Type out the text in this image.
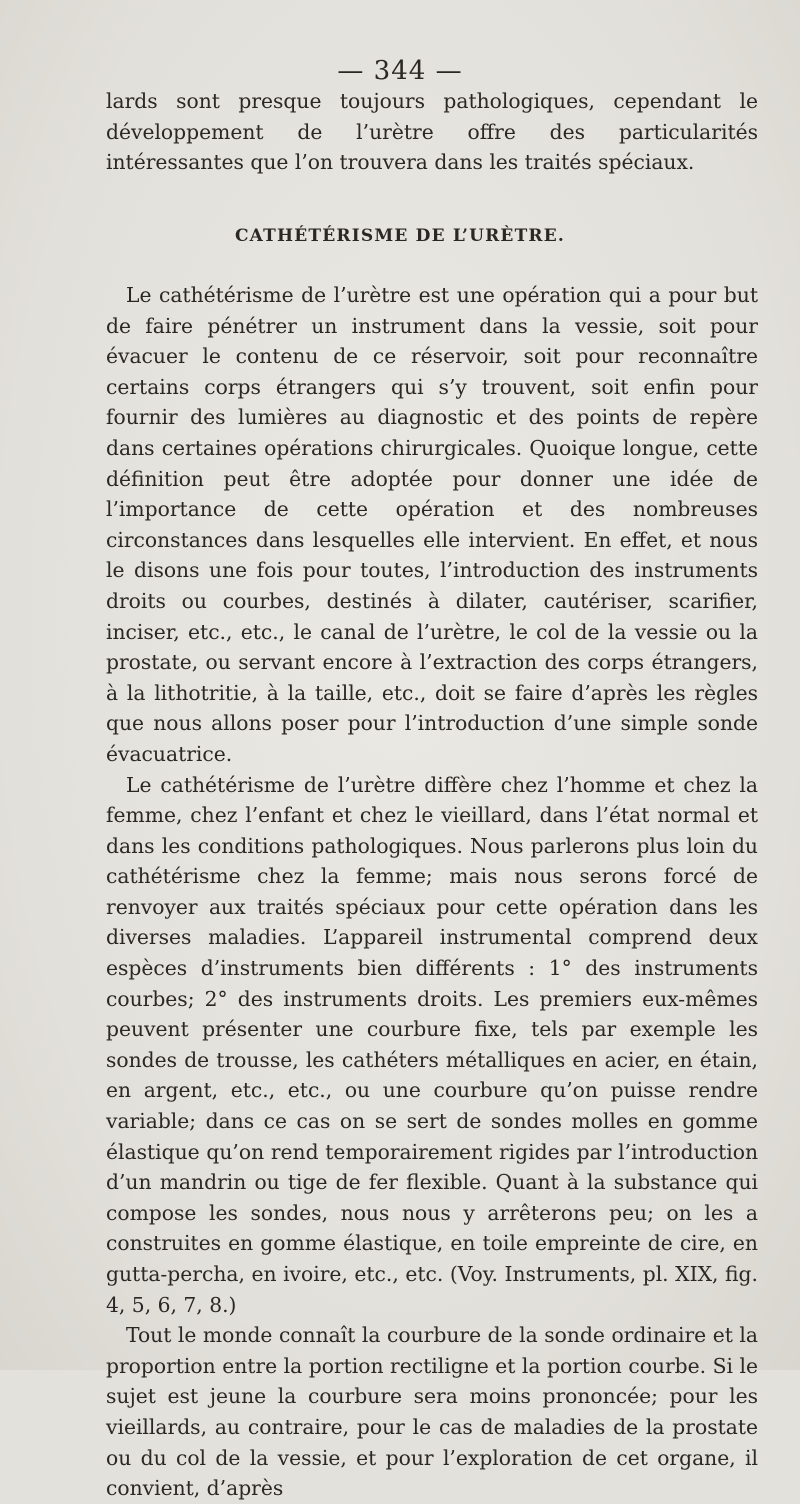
— 344 —

lards sont presque toujours pathologiques, cependant le développement de l’urètre offre des particularités intéressantes que l’on trouvera dans les traités spéciaux.

CATHÉTÉRISME DE L’URÈTRE.

Le cathétérisme de l’urètre est une opération qui a pour but de faire pénétrer un instrument dans la vessie, soit pour évacuer le contenu de ce réservoir, soit pour reconnaître certains corps étrangers qui s’y trouvent, soit enfin pour fournir des lumières au diagnostic et des points de repère dans certaines opérations chirurgicales. Quoique longue, cette définition peut être adoptée pour donner une idée de l’importance de cette opération et des nombreuses circonstances dans lesquelles elle intervient. En effet, et nous le disons une fois pour toutes, l’introduction des instruments droits ou courbes, destinés à dilater, cautériser, scarifier, inciser, etc., etc., le canal de l’urètre, le col de la vessie ou la prostate, ou servant encore à l’extraction des corps étrangers, à la lithotritie, à la taille, etc., doit se faire d’après les règles que nous allons poser pour l’introduction d’une simple sonde évacuatrice.

Le cathétérisme de l’urètre diffère chez l’homme et chez la femme, chez l’enfant et chez le vieillard, dans l’état normal et dans les conditions pathologiques. Nous parlerons plus loin du cathétérisme chez la femme; mais nous serons forcé de renvoyer aux traités spéciaux pour cette opération dans les diverses maladies. L’appareil instrumental comprend deux espèces d’instruments bien différents : 1° des instruments courbes; 2° des instruments droits. Les premiers eux-mêmes peuvent présenter une courbure fixe, tels par exemple les sondes de trousse, les cathéters métalliques en acier, en étain, en argent, etc., etc., ou une courbure qu’on puisse rendre variable; dans ce cas on se sert de sondes molles en gomme élastique qu’on rend temporairement rigides par l’introduction d’un mandrin ou tige de fer flexible. Quant à la substance qui compose les sondes, nous nous y arrêterons peu; on les a construites en gomme élastique, en toile empreinte de cire, en gutta-percha, en ivoire, etc., etc. (Voy. Instruments, pl. XIX, fig. 4, 5, 6, 7, 8.)

Tout le monde connaît la courbure de la sonde ordinaire et la proportion entre la portion rectiligne et la portion courbe. Si le sujet est jeune la courbure sera moins prononcée; pour les vieillards, au contraire, pour le cas de maladies de la prostate ou du col de la vessie, et pour l’exploration de cet organe, il convient, d’après
